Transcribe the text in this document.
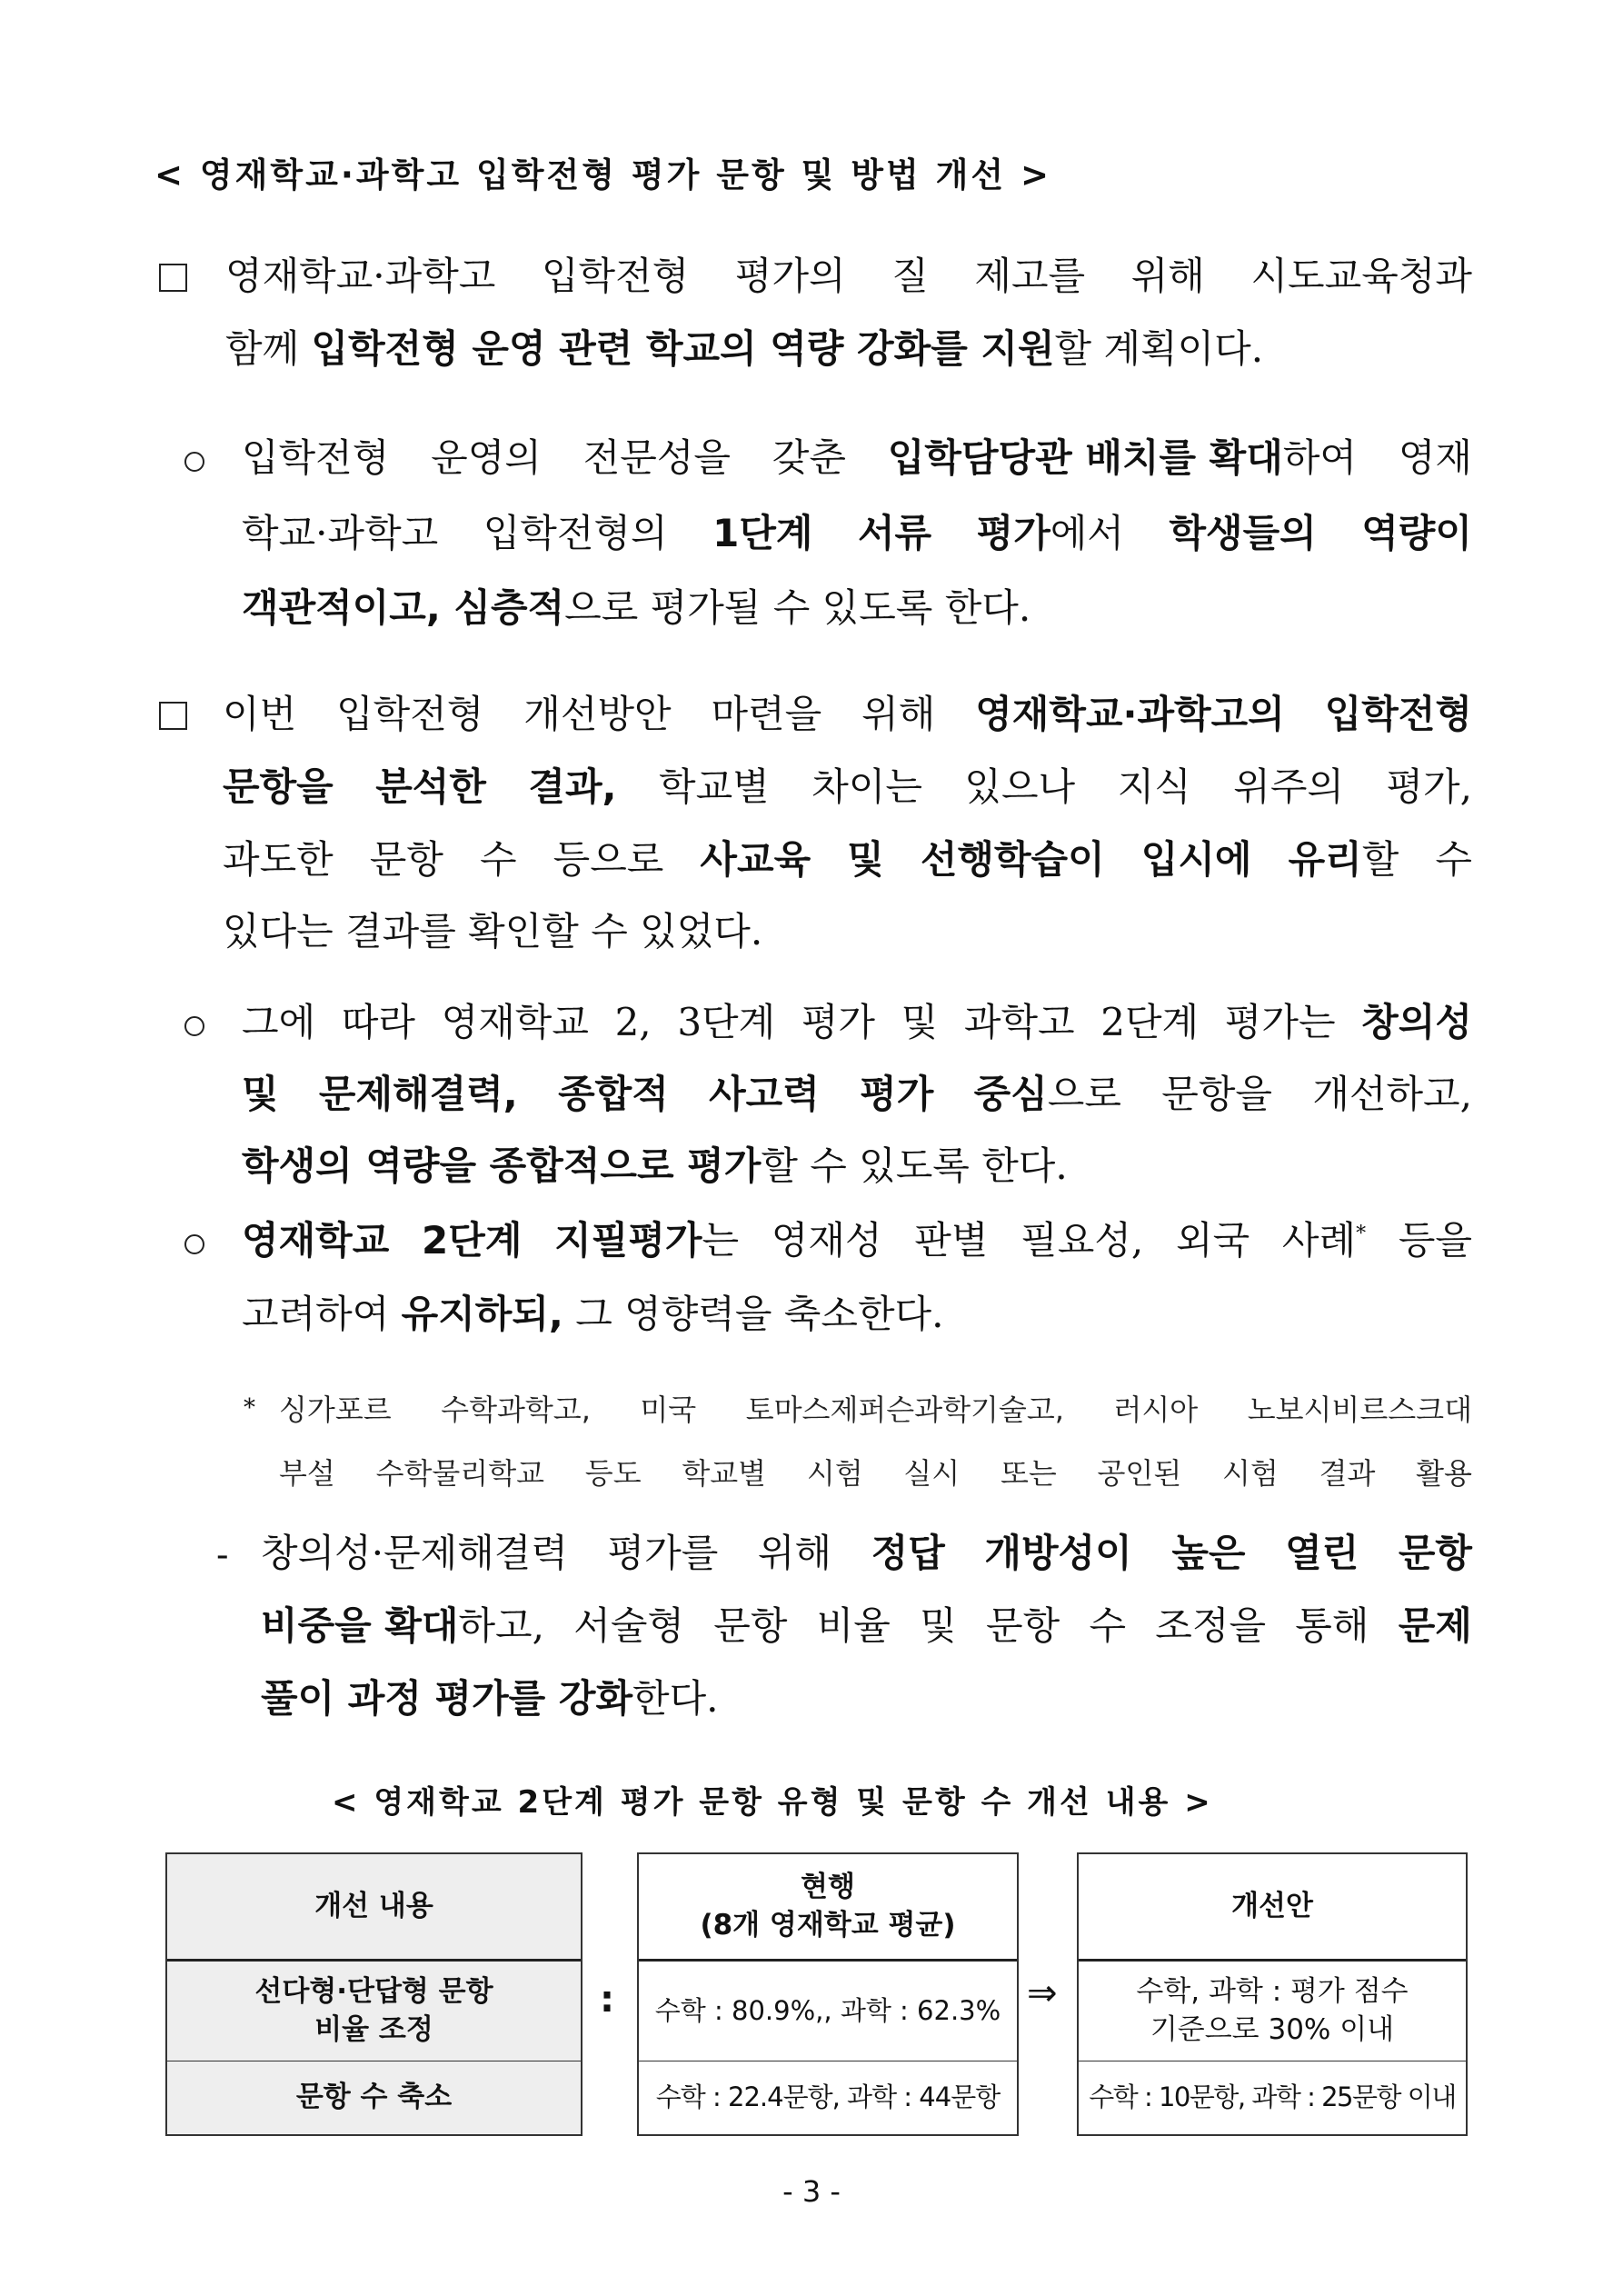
< 영재학교·과학고 입학전형 평가 문항 및 방법 개선 >
영재학교·과학고 입학전형 평가의 질 제고를 위해 시도교육청과
함께 입학전형 운영 관련 학교의 역량 강화를 지원할 계획이다.
입학전형 운영의 전문성을 갖춘 입학담당관 배치를 확대하여 영재
학교·과학고 입학전형의 1단계 서류 평가에서 학생들의 역량이
객관적이고, 심층적으로 평가될 수 있도록 한다.
이번 입학전형 개선방안 마련을 위해 영재학교·과학고의 입학전형
문항을 분석한 결과, 학교별 차이는 있으나 지식 위주의 평가,
과도한 문항 수 등으로 사교육 및 선행학습이 입시에 유리할 수
있다는 결과를 확인할 수 있었다.
그에 따라 영재학교 2, 3단계 평가 및 과학고 2단계 평가는 창의성
및 문제해결력, 종합적 사고력 평가 중심으로 문항을 개선하고,
학생의 역량을 종합적으로 평가할 수 있도록 한다.
영재학교 2단계 지필평가는 영재성 판별 필요성, 외국 사례* 등을
고려하여 유지하되, 그 영향력을 축소한다.
* 싱가포르 수학과학고, 미국 토마스제퍼슨과학기술고, 러시아 노보시비르스크대
부설 수학물리학교 등도 학교별 시험 실시 또는 공인된 시험 결과 활용
- 창의성·문제해결력 평가를 위해 정답 개방성이 높은 열린 문항
비중을 확대하고, 서술형 문항 비율 및 문항 수 조정을 통해 문제
풀이 과정 평가를 강화한다.
< 영재학교 2단계 평가 문항 유형 및 문항 수 개선 내용 >
개선 내용
선다형·단답형 문항
비율 조정
문항 수 축소
:
현행
(8개 영재학교 평균)
수학 : 80.9%,, 과학 : 62.3%
수학 : 22.4문항, 과학 : 44문항
⇒
개선안
수학, 과학 : 평가 점수
기준으로 30% 이내
수학 : 10문항, 과학 : 25문항 이내
- 3 -
